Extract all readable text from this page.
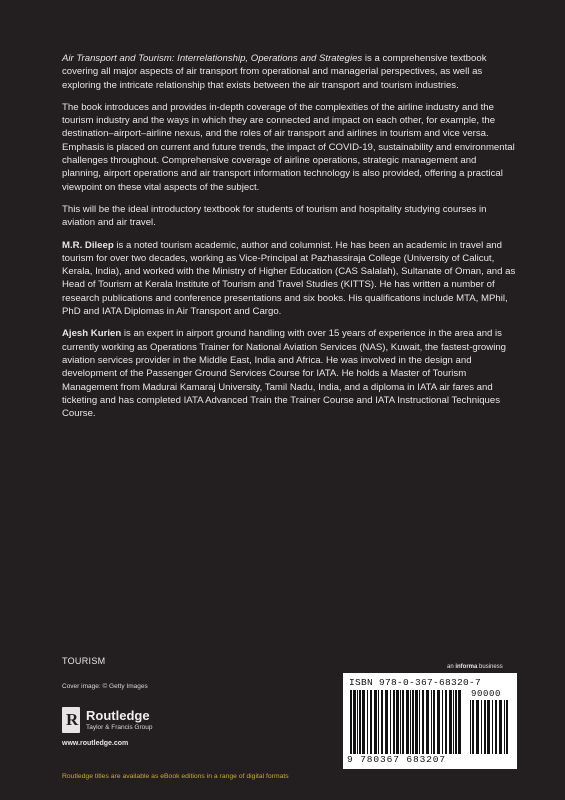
Air Transport and Tourism: Interrelationship, Operations and Strategies is a comprehensive textbook covering all major aspects of air transport from operational and managerial perspectives, as well as exploring the intricate relationship that exists between the air transport and tourism industries.

The book introduces and provides in-depth coverage of the complexities of the airline industry and the tourism industry and the ways in which they are connected and impact on each other, for example, the destination–airport–airline nexus, and the roles of air transport and airlines in tourism and vice versa. Emphasis is placed on current and future trends, the impact of COVID-19, sustainability and environmental challenges throughout. Comprehensive coverage of airline operations, strategic management and planning, airport operations and air transport information technology is also provided, offering a practical viewpoint on these vital aspects of the subject.

This will be the ideal introductory textbook for students of tourism and hospitality studying courses in aviation and air travel.

M.R. Dileep is a noted tourism academic, author and columnist. He has been an academic in travel and tourism for over two decades, working as Vice-Principal at Pazhassiraja College (University of Calicut, Kerala, India), and worked with the Ministry of Higher Education (CAS Salalah), Sultanate of Oman, and as Head of Tourism at Kerala Institute of Tourism and Travel Studies (KITTS). He has written a number of research publications and conference presentations and six books. His qualifications include MTA, MPhil, PhD and IATA Diplomas in Air Transport and Cargo.

Ajesh Kurien is an expert in airport ground handling with over 15 years of experience in the area and is currently working as Operations Trainer for National Aviation Services (NAS), Kuwait, the fastest-growing aviation services provider in the Middle East, India and Africa. He was involved in the design and development of the Passenger Ground Services Course for IATA. He holds a Master of Tourism Management from Madurai Kamaraj University, Tamil Nadu, India, and a diploma in IATA air fares and ticketing and has completed IATA Advanced Train the Trainer Course and IATA Instructional Techniques Course.

TOURISM
Cover image: © Getty Images
R Routledge
Taylor & Francis Group
www.routledge.com
an informa business
ISBN 978-0-367-68320-7
90000
9 780367 683207
Routledge titles are available as eBook editions in a range of digital formats
